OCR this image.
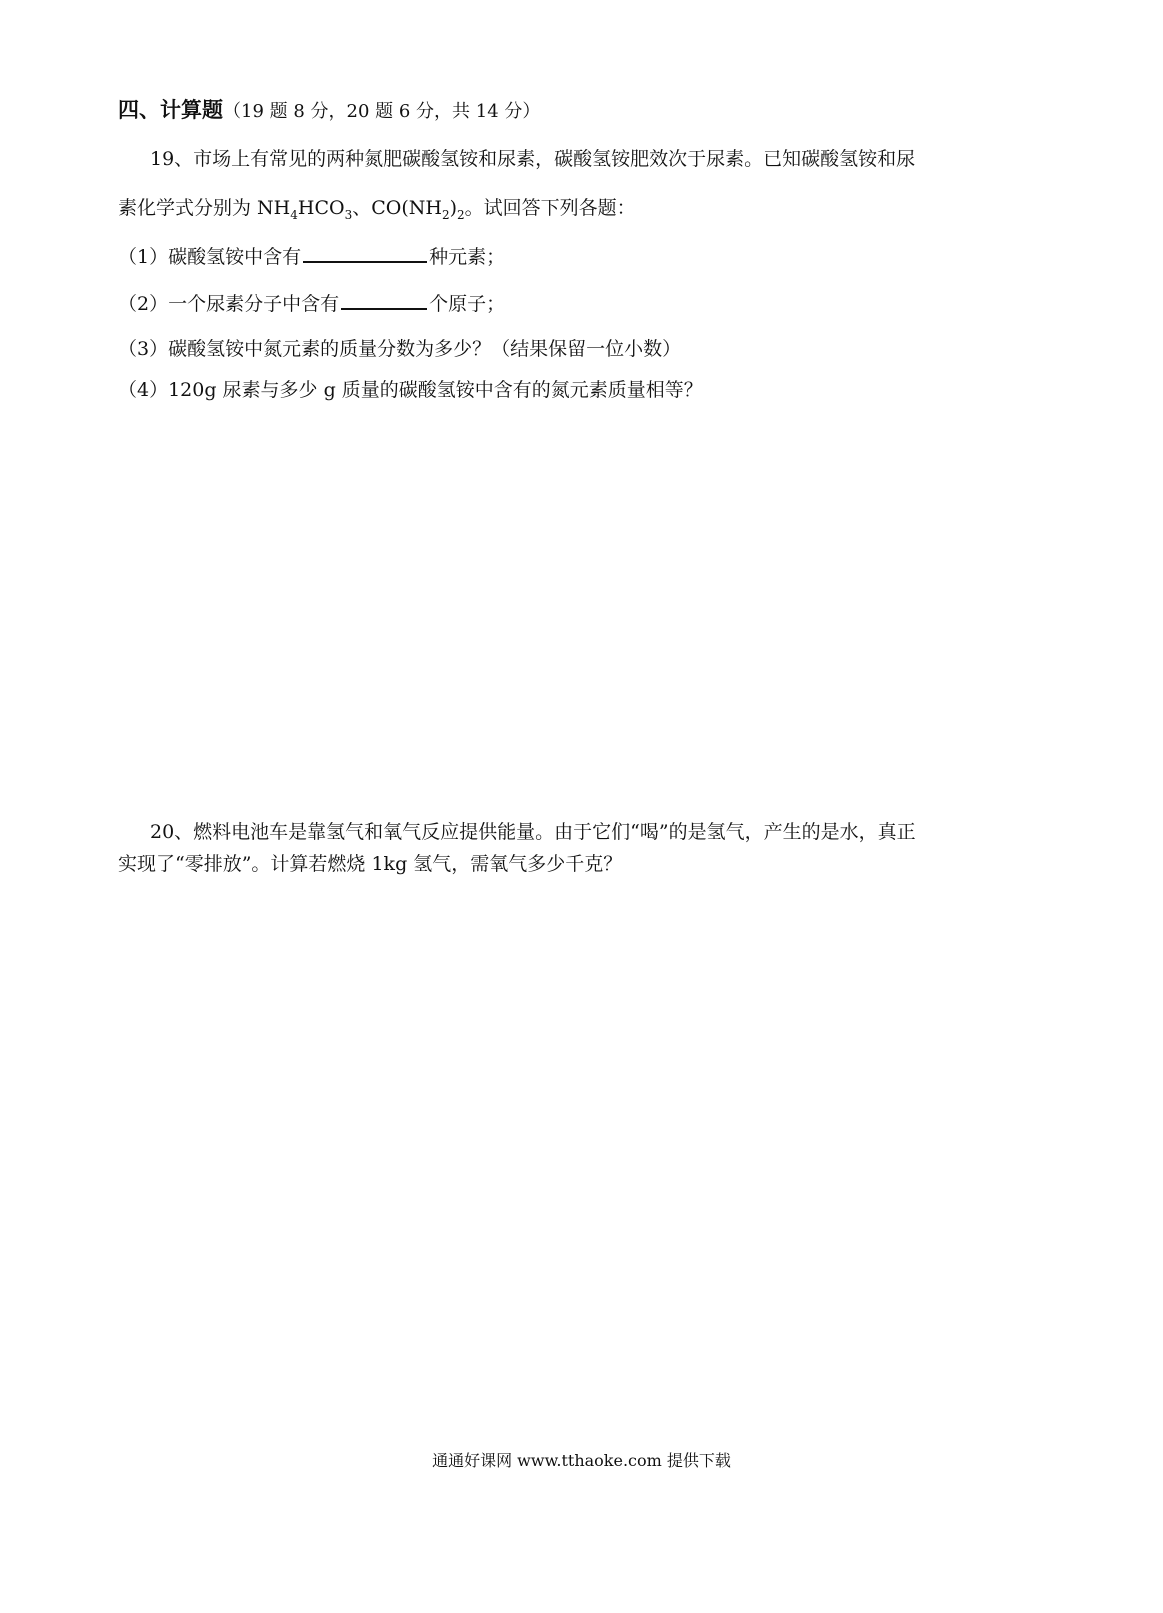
四、计算题（19 题 8 分，20 题 6 分，共 14 分）
19、市场上有常见的两种氮肥碳酸氢铵和尿素，碳酸氢铵肥效次于尿素。已知碳酸氢铵和尿
素化学式分别为 $NH_4HCO_3$、$CO(NH_2)_2$。试回答下列各题：
（1）碳酸氢铵中含有	种元素；
（2）一个尿素分子中含有	个原子；
（3）碳酸氢铵中氮元素的质量分数为多少？（结果保留一位小数）
（4）120g 尿素与多少 g 质量的碳酸氢铵中含有的氮元素质量相等？
20、燃料电池车是靠氢气和氧气反应提供能量。由于它们“喝”的是氢气，产生的是水，真正
实现了“零排放”。计算若燃烧 1kg 氢气，需氧气多少千克？
通通好课网 www.tthaoke.com 提供下载
